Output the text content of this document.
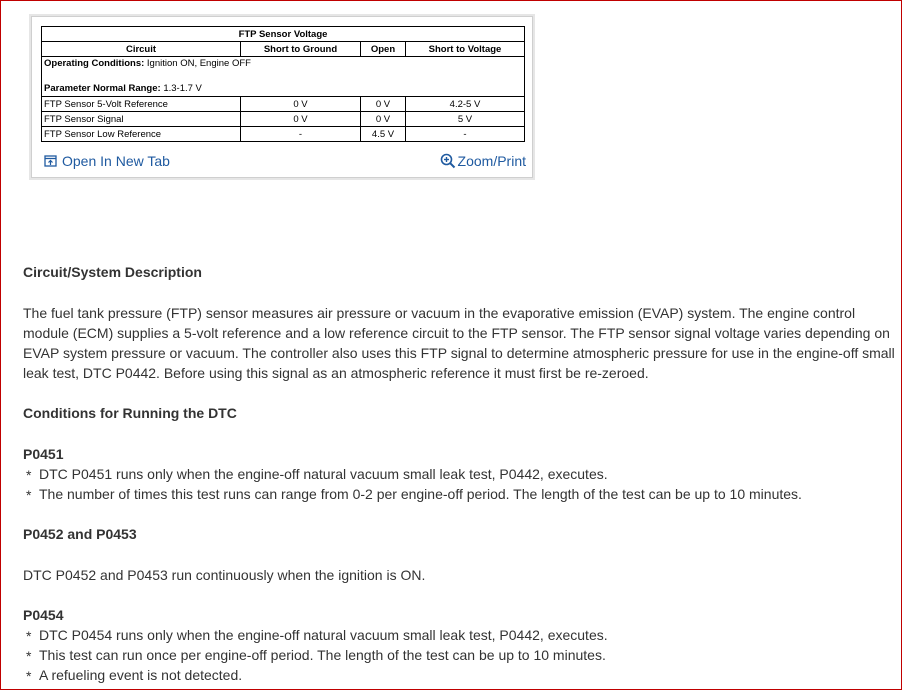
FTP Sensor Voltage			
Circuit	Short to Ground	Open	Short to Voltage
Operating Conditions: Ignition ON, Engine OFF
Parameter Normal Range: 1.3-1.7 V			
FTP Sensor 5-Volt Reference	0 V	0 V	4.2-5 V
FTP Sensor Signal	0 V	0 V	5 V
FTP Sensor Low Reference	-	4.5 V	-
Open In New Tab	Zoom/Print
Circuit/System Description

The fuel tank pressure (FTP) sensor measures air pressure or vacuum in the evaporative emission (EVAP) system. The engine control module (ECM) supplies a 5-volt reference and a low reference circuit to the FTP sensor. The FTP sensor signal voltage varies depending on EVAP system pressure or vacuum. The controller also uses this FTP signal to determine atmospheric pressure for use in the engine-off small leak test, DTC P0442. Before using this signal as an atmospheric reference it must first be re-zeroed.

Conditions for Running the DTC
P0451
* DTC P0451 runs only when the engine-off natural vacuum small leak test, P0442, executes.
* The number of times this test runs can range from 0-2 per engine-off period. The length of the test can be up to 10 minutes.
P0452 and P0453

DTC P0452 and P0453 run continuously when the ignition is ON.

P0454
* DTC P0454 runs only when the engine-off natural vacuum small leak test, P0442, executes.
* This test can run once per engine-off period. The length of the test can be up to 10 minutes.
* A refueling event is not detected.
